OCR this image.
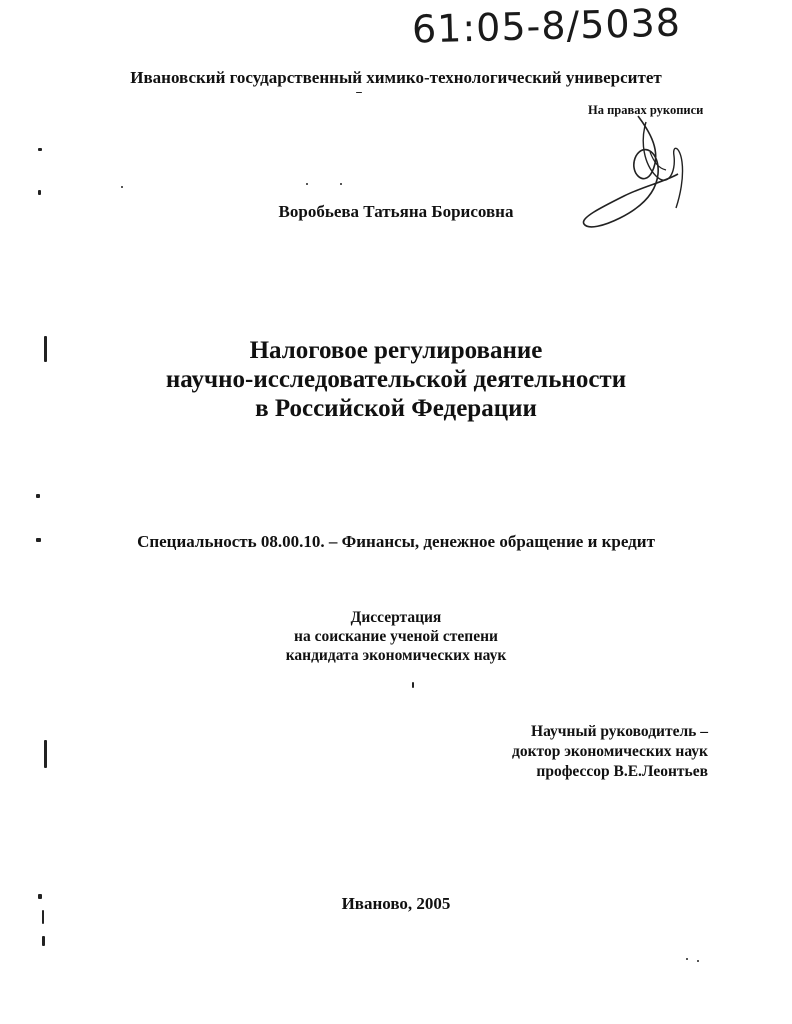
61:05-8/5038
Ивановский государственный химико-технологический университет
На правах рукописи
Воробьева Татьяна Борисовна
Налоговое регулирование
научно-исследовательской деятельности
в Российской Федерации
Специальность 08.00.10. – Финансы, денежное обращение и кредит
Диссертация
на соискание ученой степени
кандидата экономических наук
Научный руководитель –
доктор экономических наук
профессор В.Е.Леонтьев
Иваново, 2005
